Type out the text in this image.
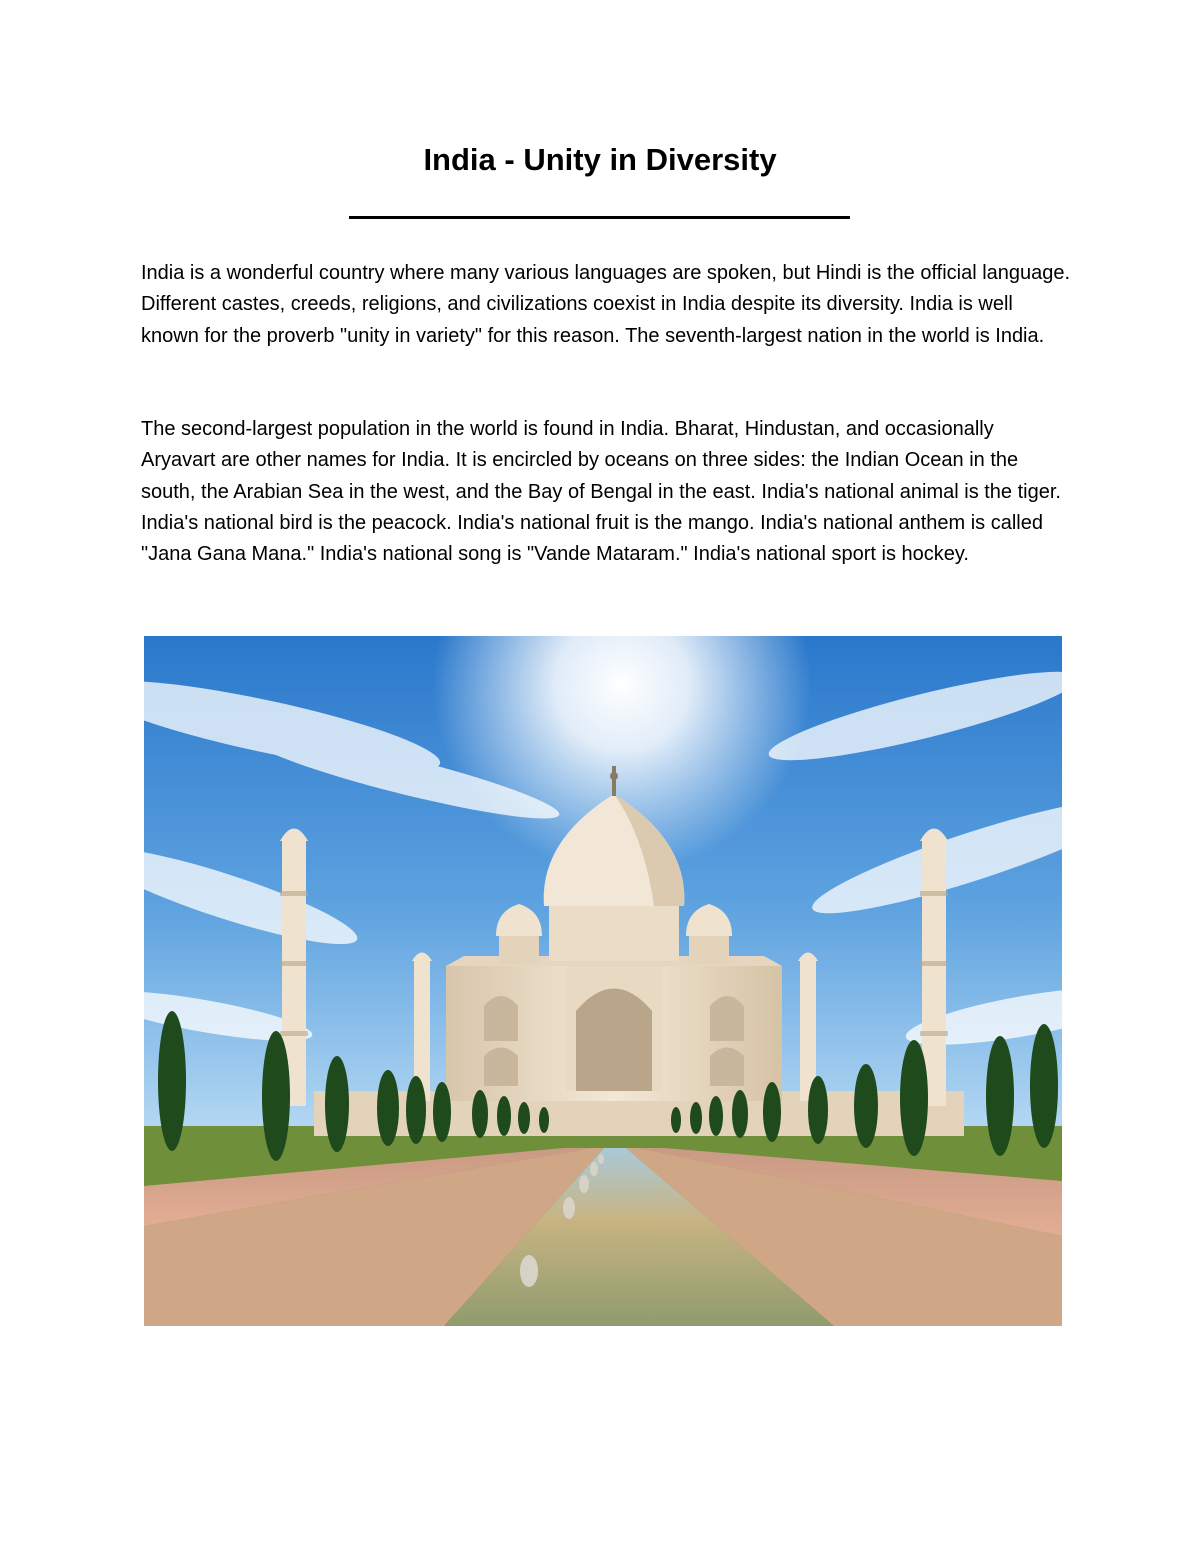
India - Unity in Diversity

India is a wonderful country where many various languages are spoken, but Hindi is the official language. Different castes, creeds, religions, and civilizations coexist in India despite its diversity. India is well known for the proverb "unity in variety" for this reason. The seventh-largest nation in the world is India.

The second-largest population in the world is found in India. Bharat, Hindustan, and occasionally Aryavart are other names for India. It is encircled by oceans on three sides: the Indian Ocean in the south, the Arabian Sea in the west, and the Bay of Bengal in the east. India's national animal is the tiger. India's national bird is the peacock. India's national fruit is the mango. India's national anthem is called "Jana Gana Mana." India's national song is "Vande Mataram." India's national sport is hockey.
